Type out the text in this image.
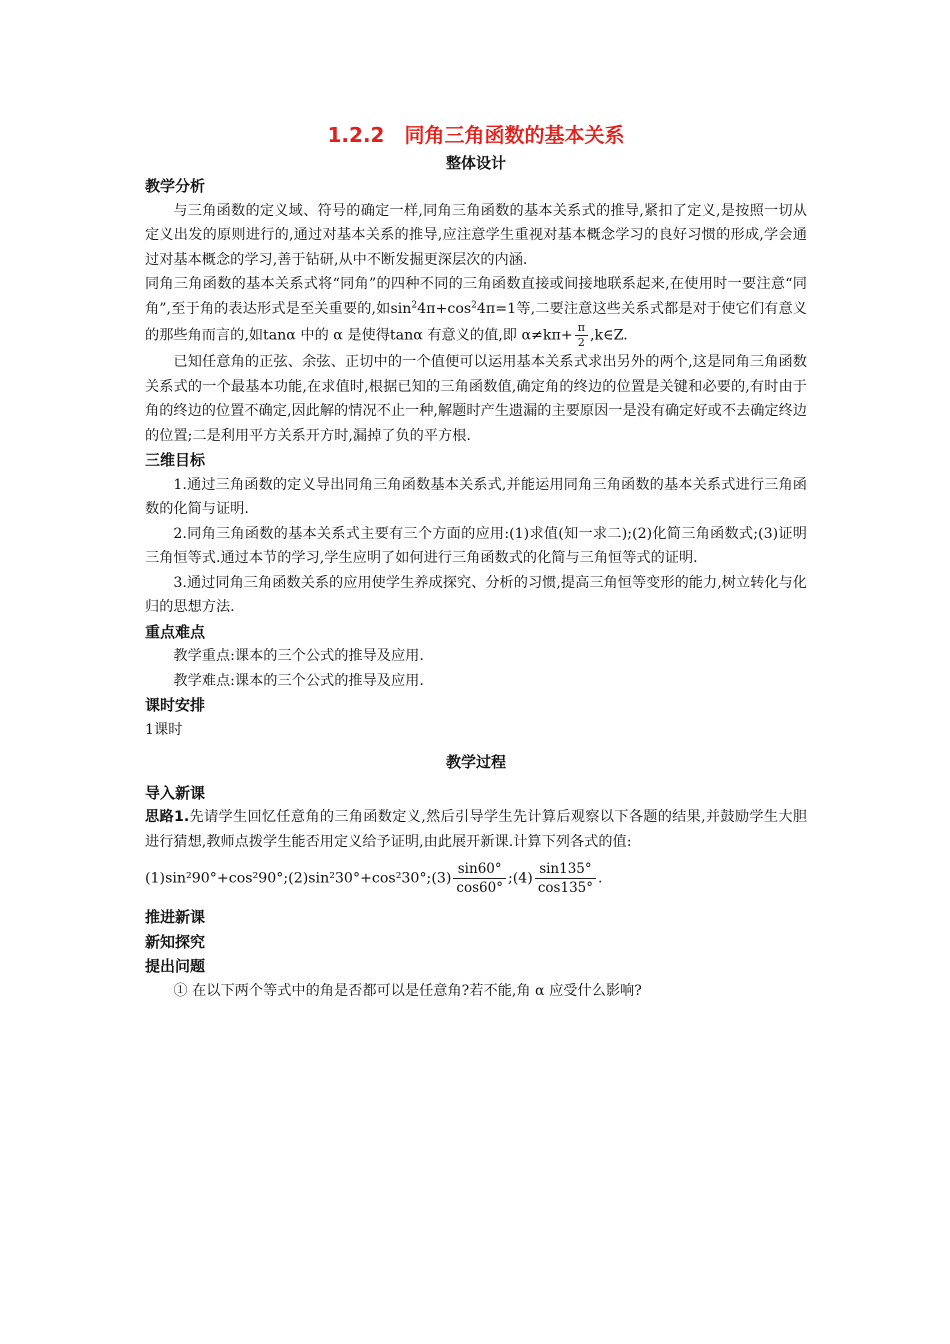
1.2.2　同角三角函数的基本关系
整体设计
教学分析

与三角函数的定义域、符号的确定一样,同角三角函数的基本关系式的推导,紧扣了定义,是按照一切从定义出发的原则进行的,通过对基本关系的推导,应注意学生重视对基本概念学习的良好习惯的形成,学会通过对基本概念的学习,善于钻研,从中不断发掘更深层次的内涵.

同角三角函数的基本关系式将“同角”的四种不同的三角函数直接或间接地联系起来,在使用时一要注意“同角”,至于角的表达形式是至关重要的,如$\sin^24\pi+\cos^24\pi=1$等,二要注意这些关系式都是对于使它们有意义的那些角而言的,如tanα 中的 α 是使得tanα 有意义的值,即 $\alpha\ne k\pi+ \frac{\pi}{2}$ ,k∈Z.

已知任意角的正弦、余弦、正切中的一个值便可以运用基本关系式求出另外的两个,这是同角三角函数关系式的一个最基本功能,在求值时,根据已知的三角函数值,确定角的终边的位置是关键和必要的,有时由于角的终边的位置不确定,因此解的情况不止一种,解题时产生遗漏的主要原因一是没有确定好或不去确定终边的位置;二是利用平方关系开方时,漏掉了负的平方根.

三维目标

1.通过三角函数的定义导出同角三角函数基本关系式,并能运用同角三角函数的基本关系式进行三角函数的化简与证明.

2.同角三角函数的基本关系式主要有三个方面的应用:(1)求值(知一求二);(2)化简三角函数式;(3)证明三角恒等式.通过本节的学习,学生应明了如何进行三角函数式的化简与三角恒等式的证明.

3.通过同角三角函数关系的应用使学生养成探究、分析的习惯,提高三角恒等变形的能力,树立转化与化归的思想方法.

重点难点

教学重点:课本的三个公式的推导及应用.

教学难点:课本的三个公式的推导及应用.

课时安排

1课时

教学过程
导入新课

思路1.先请学生回忆任意角的三角函数定义,然后引导学生先计算后观察以下各题的结果,并鼓励学生大胆进行猜想,教师点拨学生能否用定义给予证明,由此展开新课.计算下列各式的值:

(1)sin²90°+cos²90°;(2)sin²30°+cos²30°;(3) $\frac{\sin 60^\circ}{\cos 60^\circ}$ ;(4) $\frac{\sin 135^\circ}{\cos 135^\circ}$ .

推进新课
新知探究
提出问题

① 在以下两个等式中的角是否都可以是任意角?若不能,角 α 应受什么影响?
